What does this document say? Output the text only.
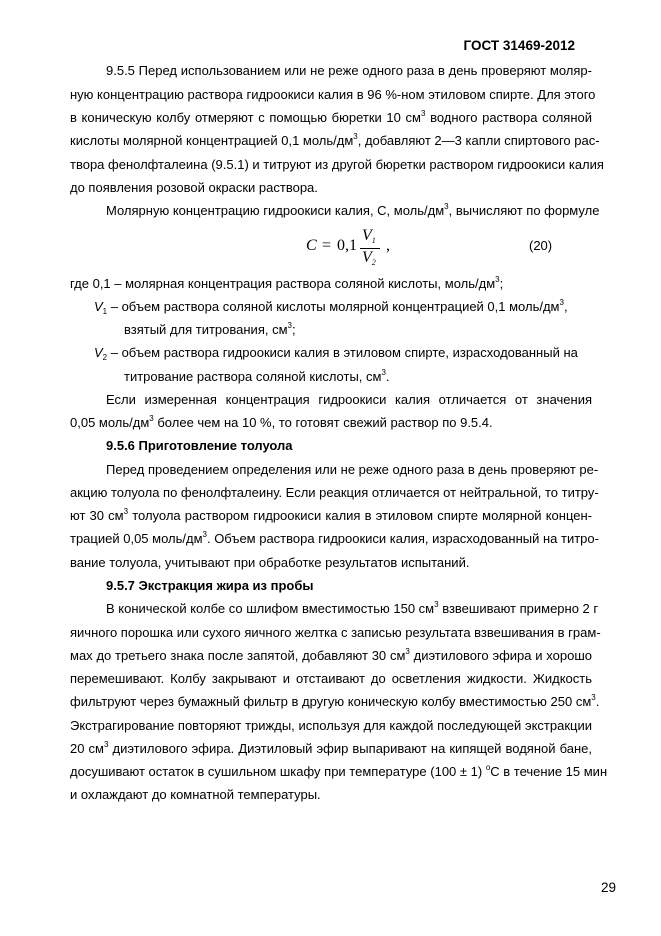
ГОСТ 31469-2012
9.5.5 Перед использованием или не реже одного раза в день проверяют моляр-
ную концентрацию раствора гидроокиси калия в 96 %-ном этиловом спирте. Для этого
в коническую колбу отмеряют с помощью бюретки 10 $см^3$ водного раствора соляной
кислоты молярной концентрацией 0,1 моль/$дм^3$, добавляют 2—3 капли спиртового рас-
твора фенолфталеина (9.5.1) и титруют из другой бюретки раствором гидроокиси калия
до появления розовой окраски раствора.
Молярную концентрацию гидроокиси калия, С, моль/$дм^3$, вычисляют по формуле
C = 0,1
$V_1$
$V_2$
,	(20)
где 0,1 – молярная концентрация раствора соляной кислоты, моль/$дм^3$;
$V_1$ – объем раствора соляной кислоты молярной концентрацией 0,1 моль/$дм^3$,
взятый для титрования, $см^3$;
$V_2$ – объем раствора гидроокиси калия в этиловом спирте, израсходованный на
титрование раствора соляной кислоты, $см^3$.
Если измеренная концентрация гидроокиси калия отличается от значения
0,05 моль/$дм^3$ более чем на 10 %, то готовят свежий раствор по 9.5.4.
9.5.6 Приготовление толуола
Перед проведением определения или не реже одного раза в день проверяют ре-
акцию толуола по фенолфталеину. Если реакция отличается от нейтральной, то титру-
ют 30 $см^3$ толуола раствором гидроокиси калия в этиловом спирте молярной концен-
трацией 0,05 моль/$дм^3$. Объем раствора гидроокиси калия, израсходованный на титро-
вание толуола, учитывают при обработке результатов испытаний.
9.5.7 Экстракция жира из пробы
В конической колбе со шлифом вместимостью 150 $см^3$ взвешивают примерно 2 г
яичного порошка или сухого яичного желтка с записью результата взвешивания в грам-
мах до третьего знака после запятой, добавляют 30 $см^3$ диэтилового эфира и хорошо
перемешивают. Колбу закрывают и отстаивают до осветления жидкости. Жидкость
фильтруют через бумажный фильтр в другую коническую колбу вместимостью 250 $см^3$.
Экстрагирование повторяют трижды, используя для каждой последующей экстракции
20 $см^3$ диэтилового эфира. Диэтиловый эфир выпаривают на кипящей водяной бане,
досушивают остаток в сушильном шкафу при температуре (100 ± 1) $^o$С в течение 15 мин
и охлаждают до комнатной температуры.
29
